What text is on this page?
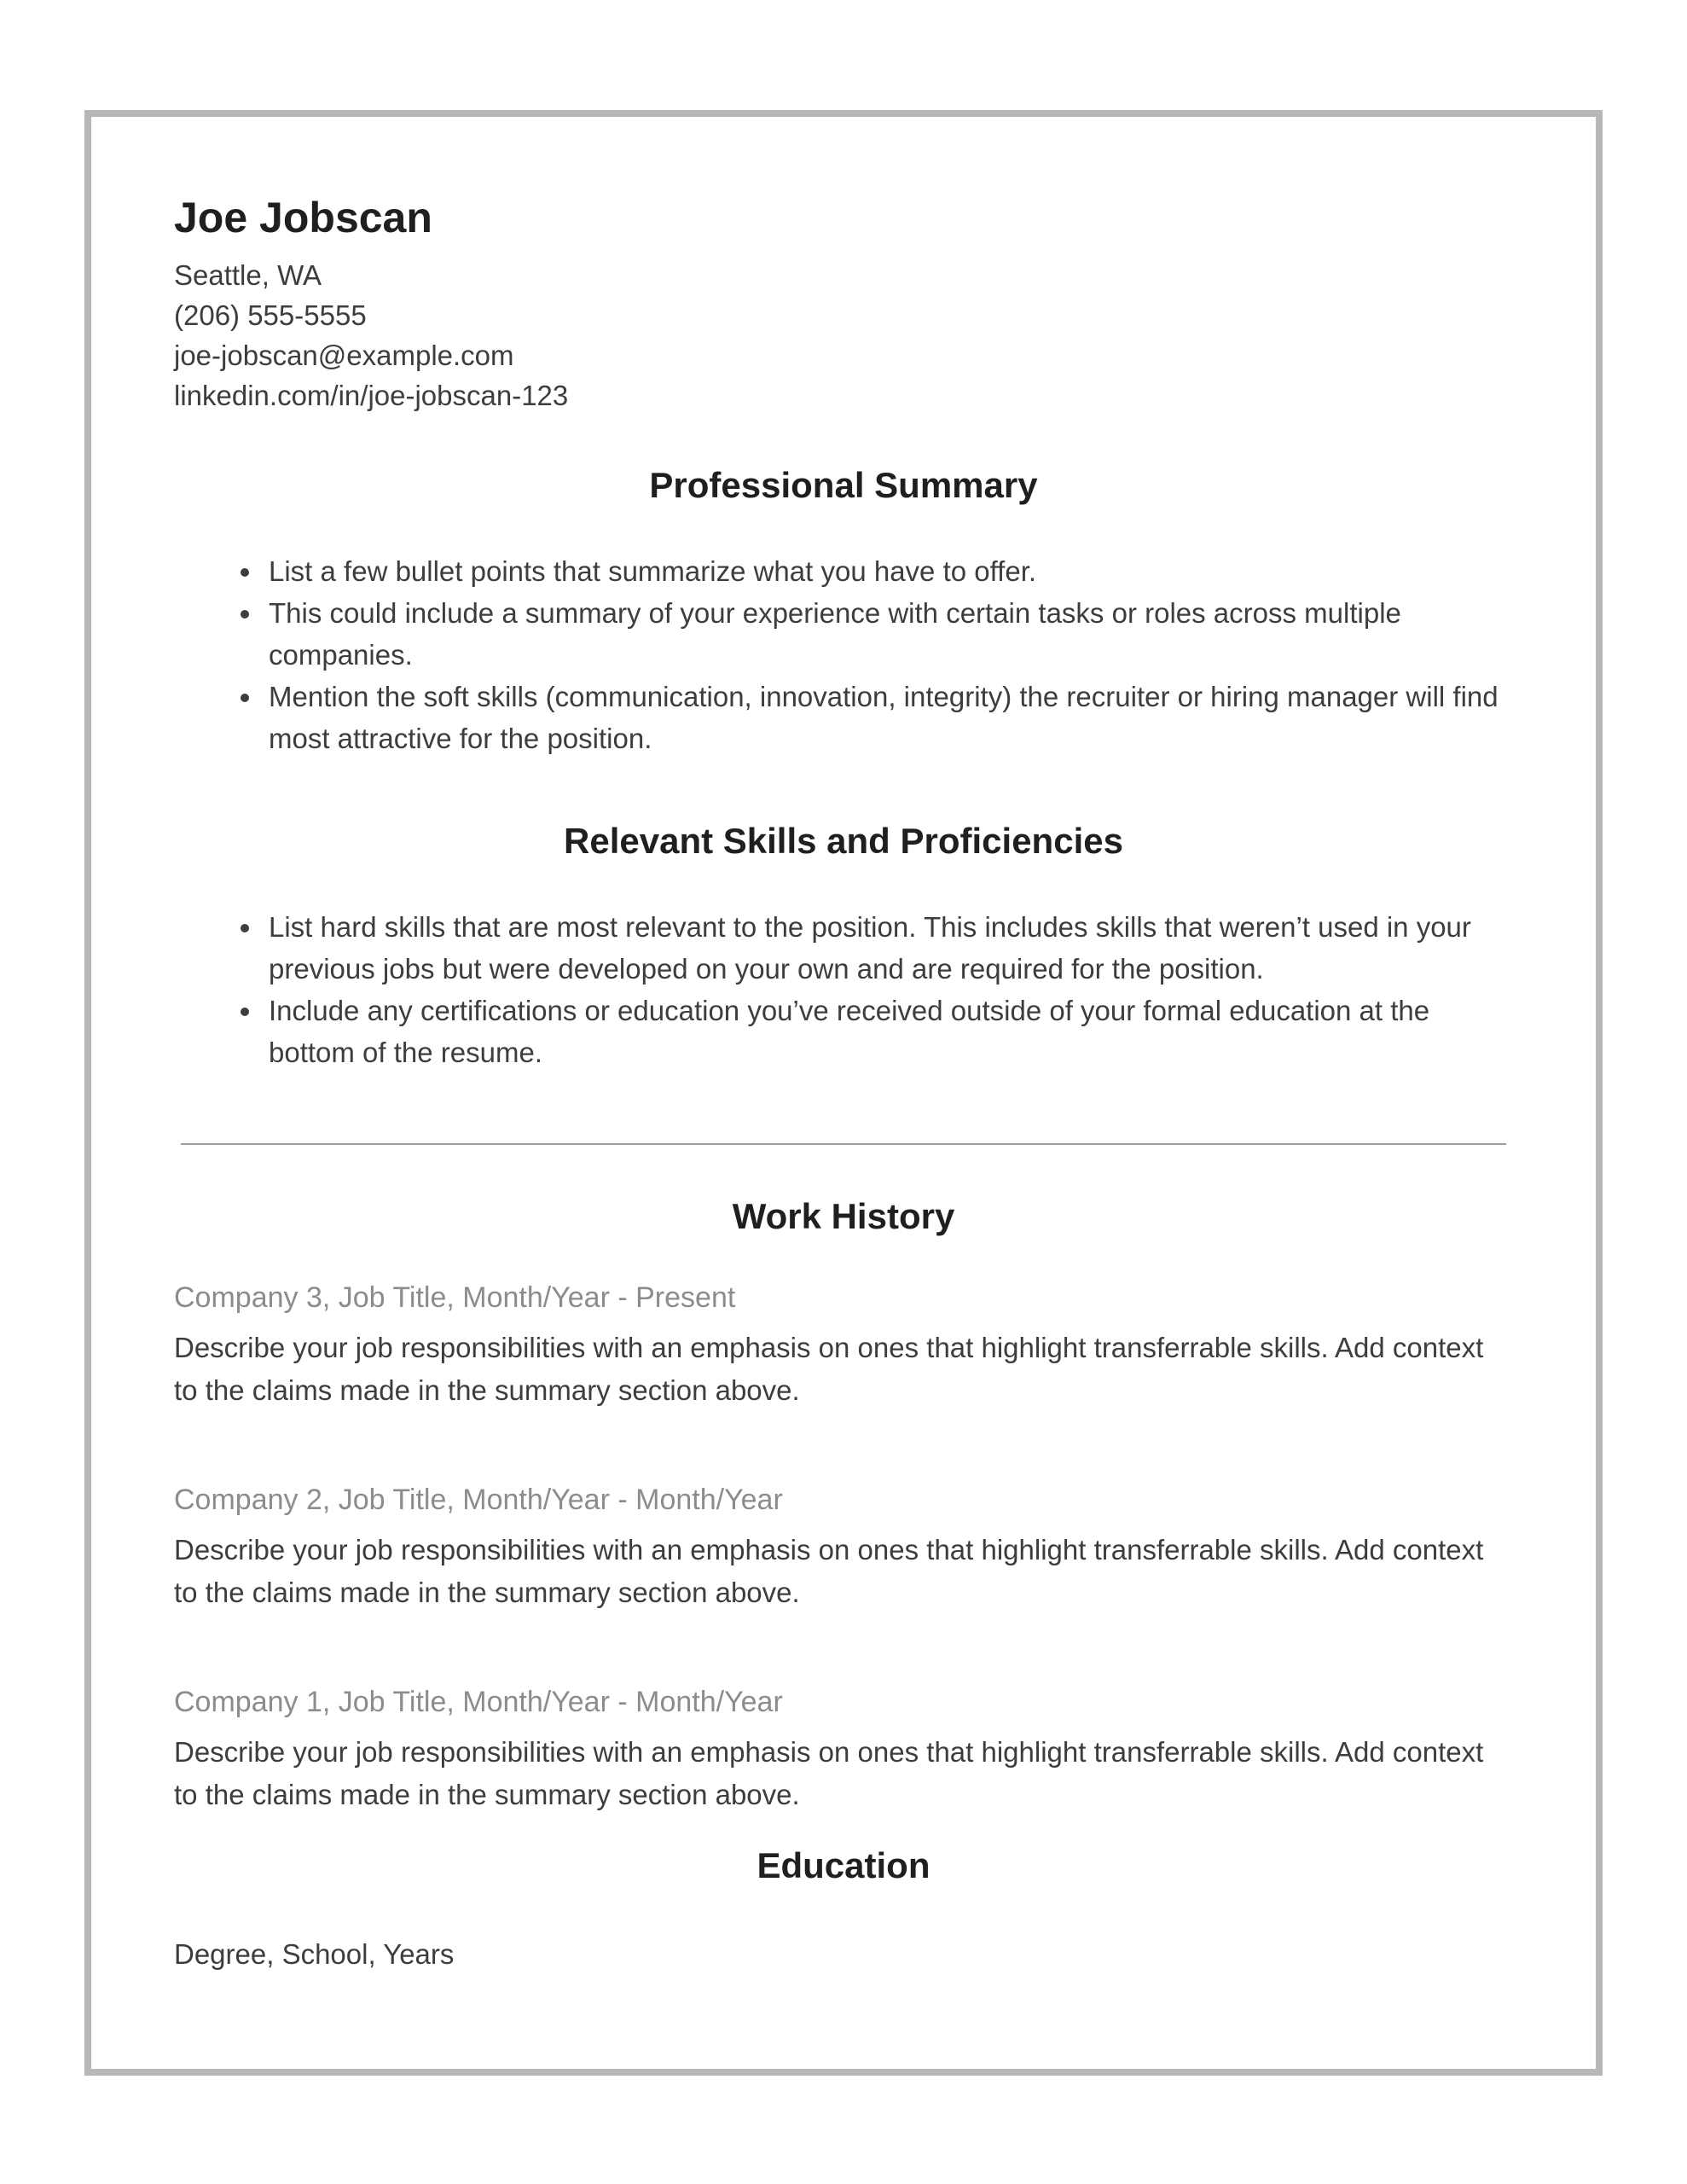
Joe Jobscan
Seattle, WA
(206) 555-5555
joe-jobscan@example.com
linkedin.com/in/joe-jobscan-123
Professional Summary
• List a few bullet points that summarize what you have to offer.
• This could include a summary of your experience with certain tasks or roles across multiple companies.
• Mention the soft skills (communication, innovation, integrity) the recruiter or hiring manager will find most attractive for the position.
Relevant Skills and Proficiencies
• List hard skills that are most relevant to the position. This includes skills that weren’t used in your previous jobs but were developed on your own and are required for the position.
• Include any certifications or education you’ve received outside of your formal education at the bottom of the resume.
Work History
Company 3, Job Title, Month/Year - Present
Describe your job responsibilities with an emphasis on ones that highlight transferrable skills. Add context to the claims made in the summary section above.
Company 2, Job Title, Month/Year - Month/Year
Describe your job responsibilities with an emphasis on ones that highlight transferrable skills. Add context to the claims made in the summary section above.
Company 1, Job Title, Month/Year - Month/Year
Describe your job responsibilities with an emphasis on ones that highlight transferrable skills. Add context to the claims made in the summary section above.
Education
Degree, School, Years
